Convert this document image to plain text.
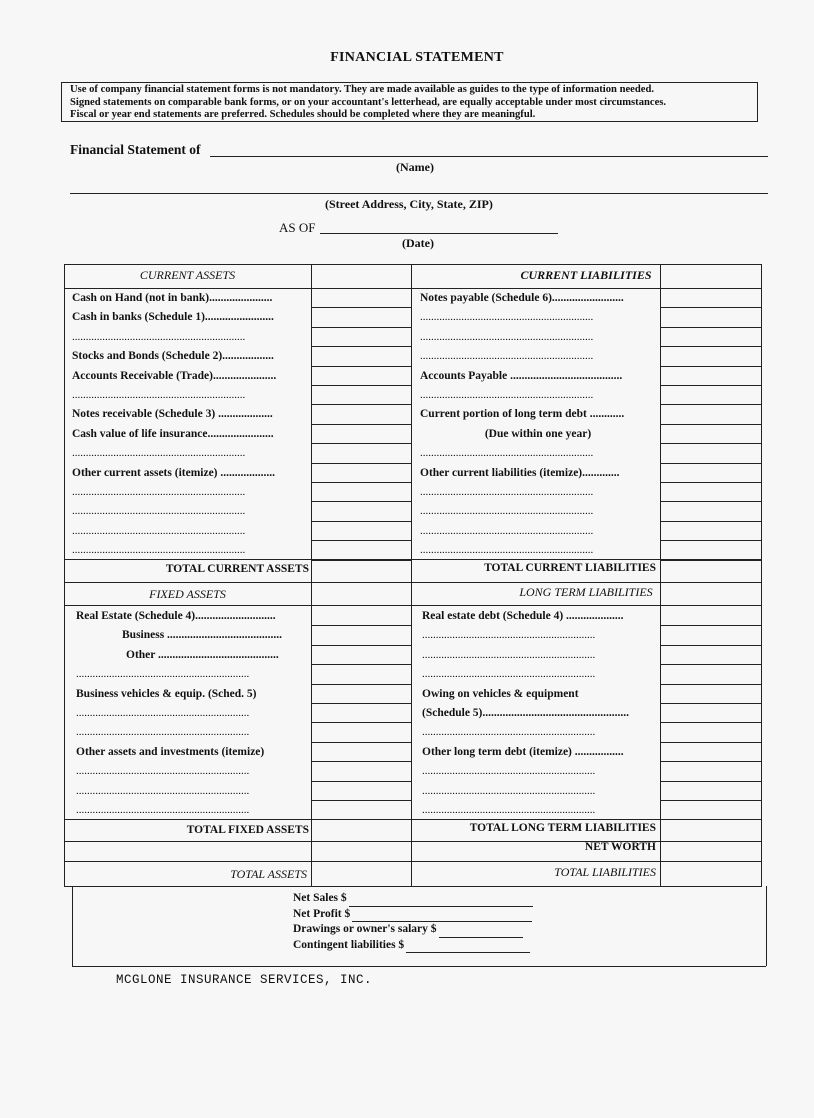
FINANCIAL STATEMENT
Use of company financial statement forms is not mandatory. They are made available as guides to the type of information needed.
Signed statements on comparable bank forms, or on your accountant's letterhead, are equally acceptable under most circumstances.
Fiscal or year end statements are preferred. Schedules should be completed where they are meaningful.
Financial Statement of
(Name)
(Street Address, City, State, ZIP)
AS OF
(Date)
CURRENT ASSETS	CURRENT LIABILITIES
Cash on Hand (not in bank)......................	Notes payable (Schedule 6).........................
Cash in banks (Schedule 1)........................	...............................................................
...............................................................	...............................................................
Stocks and Bonds (Schedule 2)..................	...............................................................
Accounts Receivable (Trade)......................	Accounts Payable .......................................
...............................................................	...............................................................
Notes receivable (Schedule 3) ...................	Current portion of long term debt ............
Cash value of life insurance.......................	(Due within one year)
...............................................................	...............................................................
Other current assets (itemize) ...................	Other current liabilities (itemize).............
...............................................................	...............................................................
...............................................................	...............................................................
...............................................................	...............................................................
...............................................................	...............................................................
TOTAL CURRENT ASSETS	TOTAL CURRENT LIABILITIES
FIXED ASSETS	LONG TERM LIABILITIES
Real Estate (Schedule 4)............................	Real estate debt (Schedule 4) ....................
Business ........................................	...............................................................
Other ..........................................	...............................................................
...............................................................	...............................................................
Business vehicles & equip. (Sched. 5)	Owing on vehicles & equipment
...............................................................	(Schedule 5)...................................................
...............................................................	...............................................................
Other assets and investments (itemize)	Other long term debt (itemize) .................
...............................................................	...............................................................
...............................................................	...............................................................
...............................................................	...............................................................
TOTAL FIXED ASSETS	TOTAL LONG TERM LIABILITIES
NET WORTH
TOTAL ASSETS	TOTAL LIABILITIES
Net Sales $
Net Profit $
Drawings or owner's salary $
Contingent liabilities $
MCGLONE INSURANCE SERVICES, INC.
